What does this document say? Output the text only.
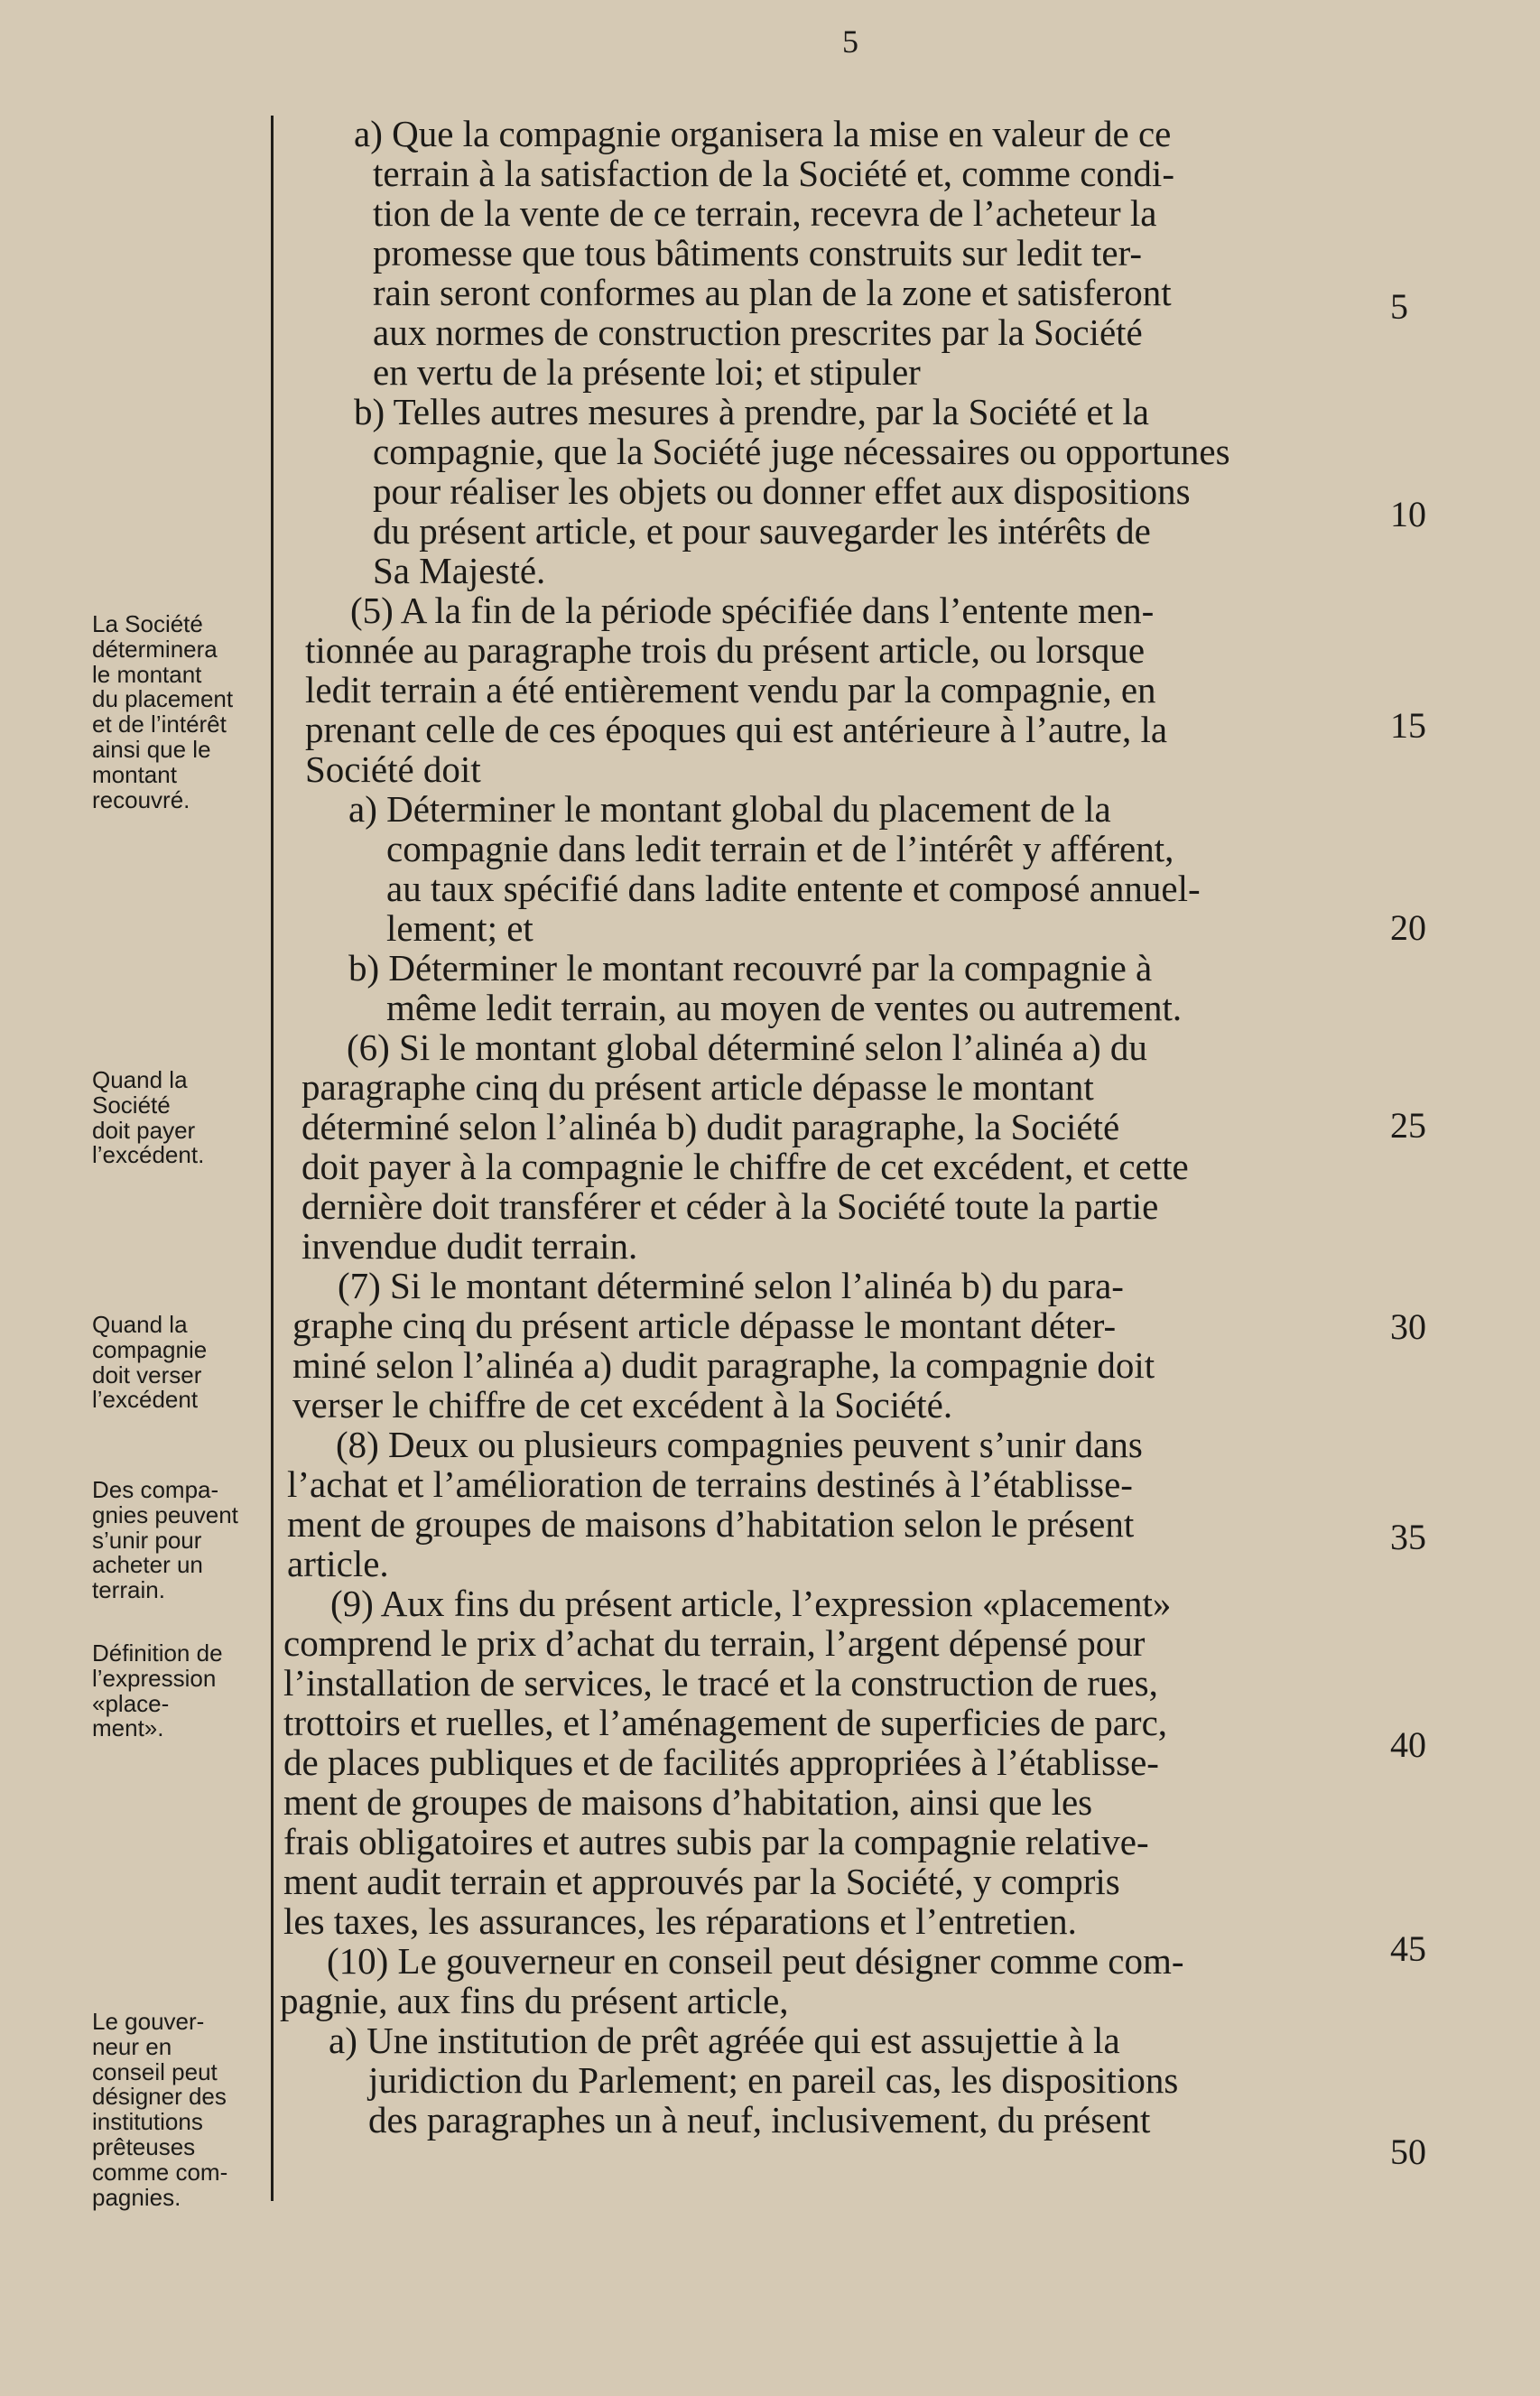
5
La Société
déterminera
le montant
du placement
et de l’intérêt
ainsi que le
montant
recouvré.
Quand la
Société
doit payer
l’excédent.
Quand la
compagnie
doit verser
l’excédent
Des compa-
gnies peuvent
s’unir pour
acheter un
terrain.
Définition de
l’expression
«place-
ment».
Le gouver-
neur en
conseil peut
désigner des
institutions
prêteuses
comme com-
pagnies.
a) Que la compagnie organisera la mise en valeur de ce
terrain à la satisfaction de la Société et, comme condi-
tion de la vente de ce terrain, recevra de l’acheteur la
promesse que tous bâtiments construits sur ledit ter-
rain seront conformes au plan de la zone et satisferont
aux normes de construction prescrites par la Société
en vertu de la présente loi; et stipuler
b) Telles autres mesures à prendre, par la Société et la
compagnie, que la Société juge nécessaires ou opportunes
pour réaliser les objets ou donner effet aux dispositions
du présent article, et pour sauvegarder les intérêts de
Sa Majesté.
(5) A la fin de la période spécifiée dans l’entente men-
tionnée au paragraphe trois du présent article, ou lorsque
ledit terrain a été entièrement vendu par la compagnie, en
prenant celle de ces époques qui est antérieure à l’autre, la
Société doit
a) Déterminer le montant global du placement de la
compagnie dans ledit terrain et de l’intérêt y afférent,
au taux spécifié dans ladite entente et composé annuel-
lement; et
b) Déterminer le montant recouvré par la compagnie à
même ledit terrain, au moyen de ventes ou autrement.
(6) Si le montant global déterminé selon l’alinéa a) du
paragraphe cinq du présent article dépasse le montant
déterminé selon l’alinéa b) dudit paragraphe, la Société
doit payer à la compagnie le chiffre de cet excédent, et cette
dernière doit transférer et céder à la Société toute la partie
invendue dudit terrain.
(7) Si le montant déterminé selon l’alinéa b) du para-
graphe cinq du présent article dépasse le montant déter-
miné selon l’alinéa a) dudit paragraphe, la compagnie doit
verser le chiffre de cet excédent à la Société.
(8) Deux ou plusieurs compagnies peuvent s’unir dans
l’achat et l’amélioration de terrains destinés à l’établisse-
ment de groupes de maisons d’habitation selon le présent
article.
(9) Aux fins du présent article, l’expression «placement»
comprend le prix d’achat du terrain, l’argent dépensé pour
l’installation de services, le tracé et la construction de rues,
trottoirs et ruelles, et l’aménagement de superficies de parc,
de places publiques et de facilités appropriées à l’établisse-
ment de groupes de maisons d’habitation, ainsi que les
frais obligatoires et autres subis par la compagnie relative-
ment audit terrain et approuvés par la Société, y compris
les taxes, les assurances, les réparations et l’entretien.
(10) Le gouverneur en conseil peut désigner comme com-
pagnie, aux fins du présent article,
a) Une institution de prêt agréée qui est assujettie à la
juridiction du Parlement; en pareil cas, les dispositions
des paragraphes un à neuf, inclusivement, du présent
5
10
15
20
25
30
35
40
45
50
